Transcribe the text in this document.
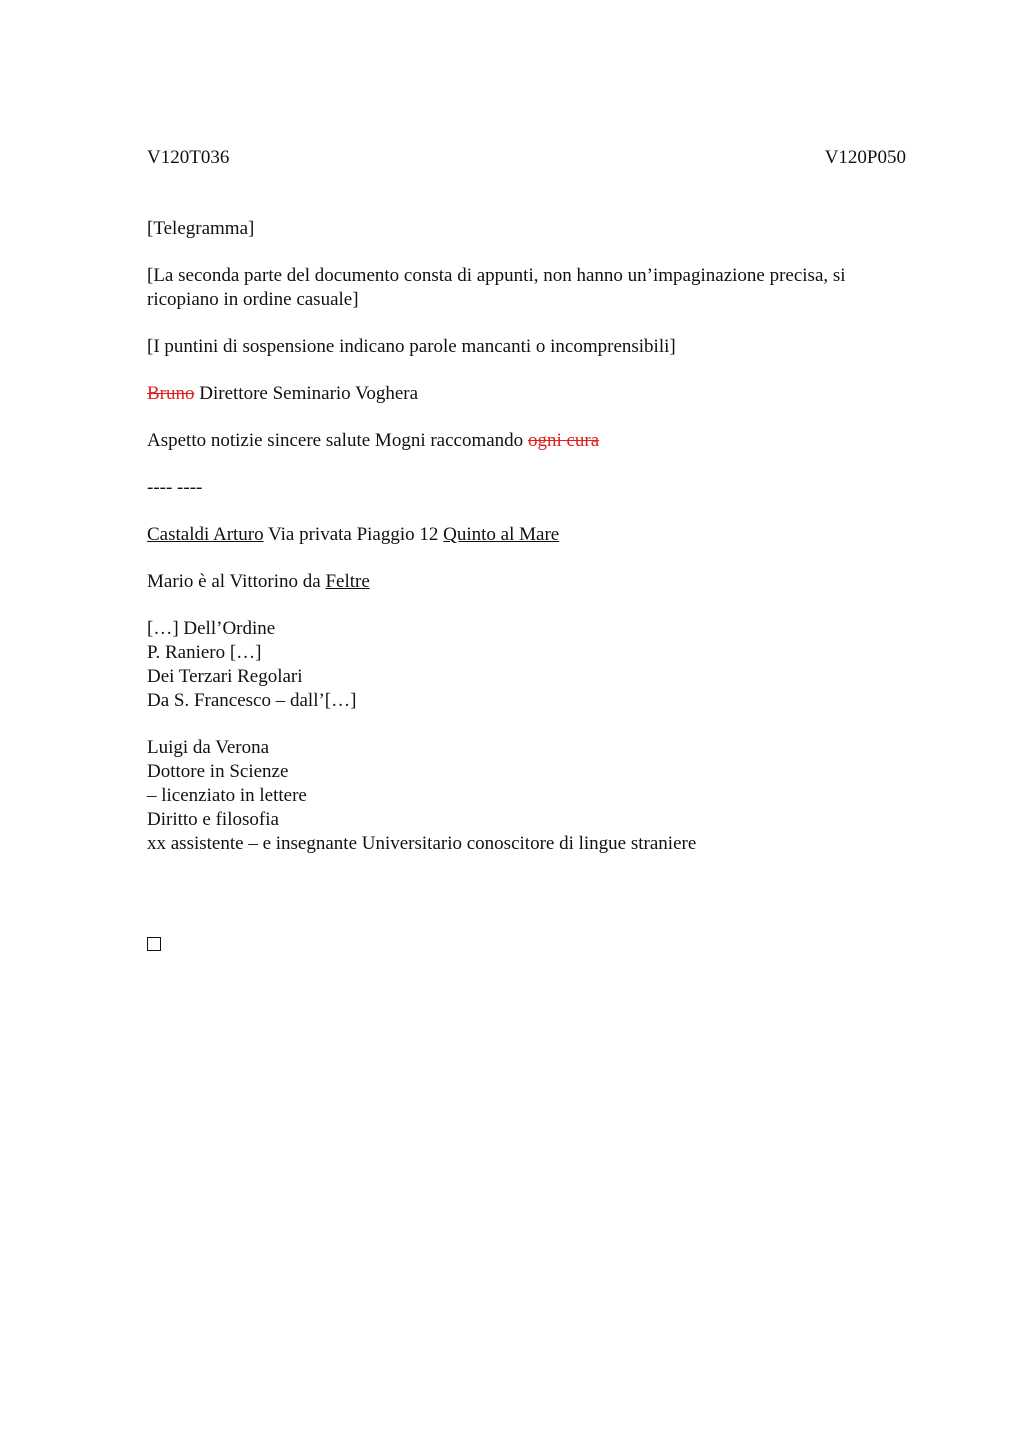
V120T036	V120P050

[Telegramma]

[La seconda parte del documento consta di appunti, non hanno un’impaginazione precisa, si ricopiano in ordine casuale]

[I puntini di sospensione indicano parole mancanti o incomprensibili]

Bruno Direttore Seminario Voghera

Aspetto notizie sincere salute Mogni raccomando ogni cura

---- ----

Castaldi Arturo Via privata Piaggio 12 Quinto al Mare

Mario è al Vittorino da Feltre

[…] Dell’Ordine
P. Raniero […]
Dei Terzari Regolari
Da S. Francesco – dall’[…]

Luigi da Verona
Dottore in Scienze
– licenziato in lettere
Diritto e filosofia
xx assistente – e insegnante Universitario conoscitore di lingue straniere
